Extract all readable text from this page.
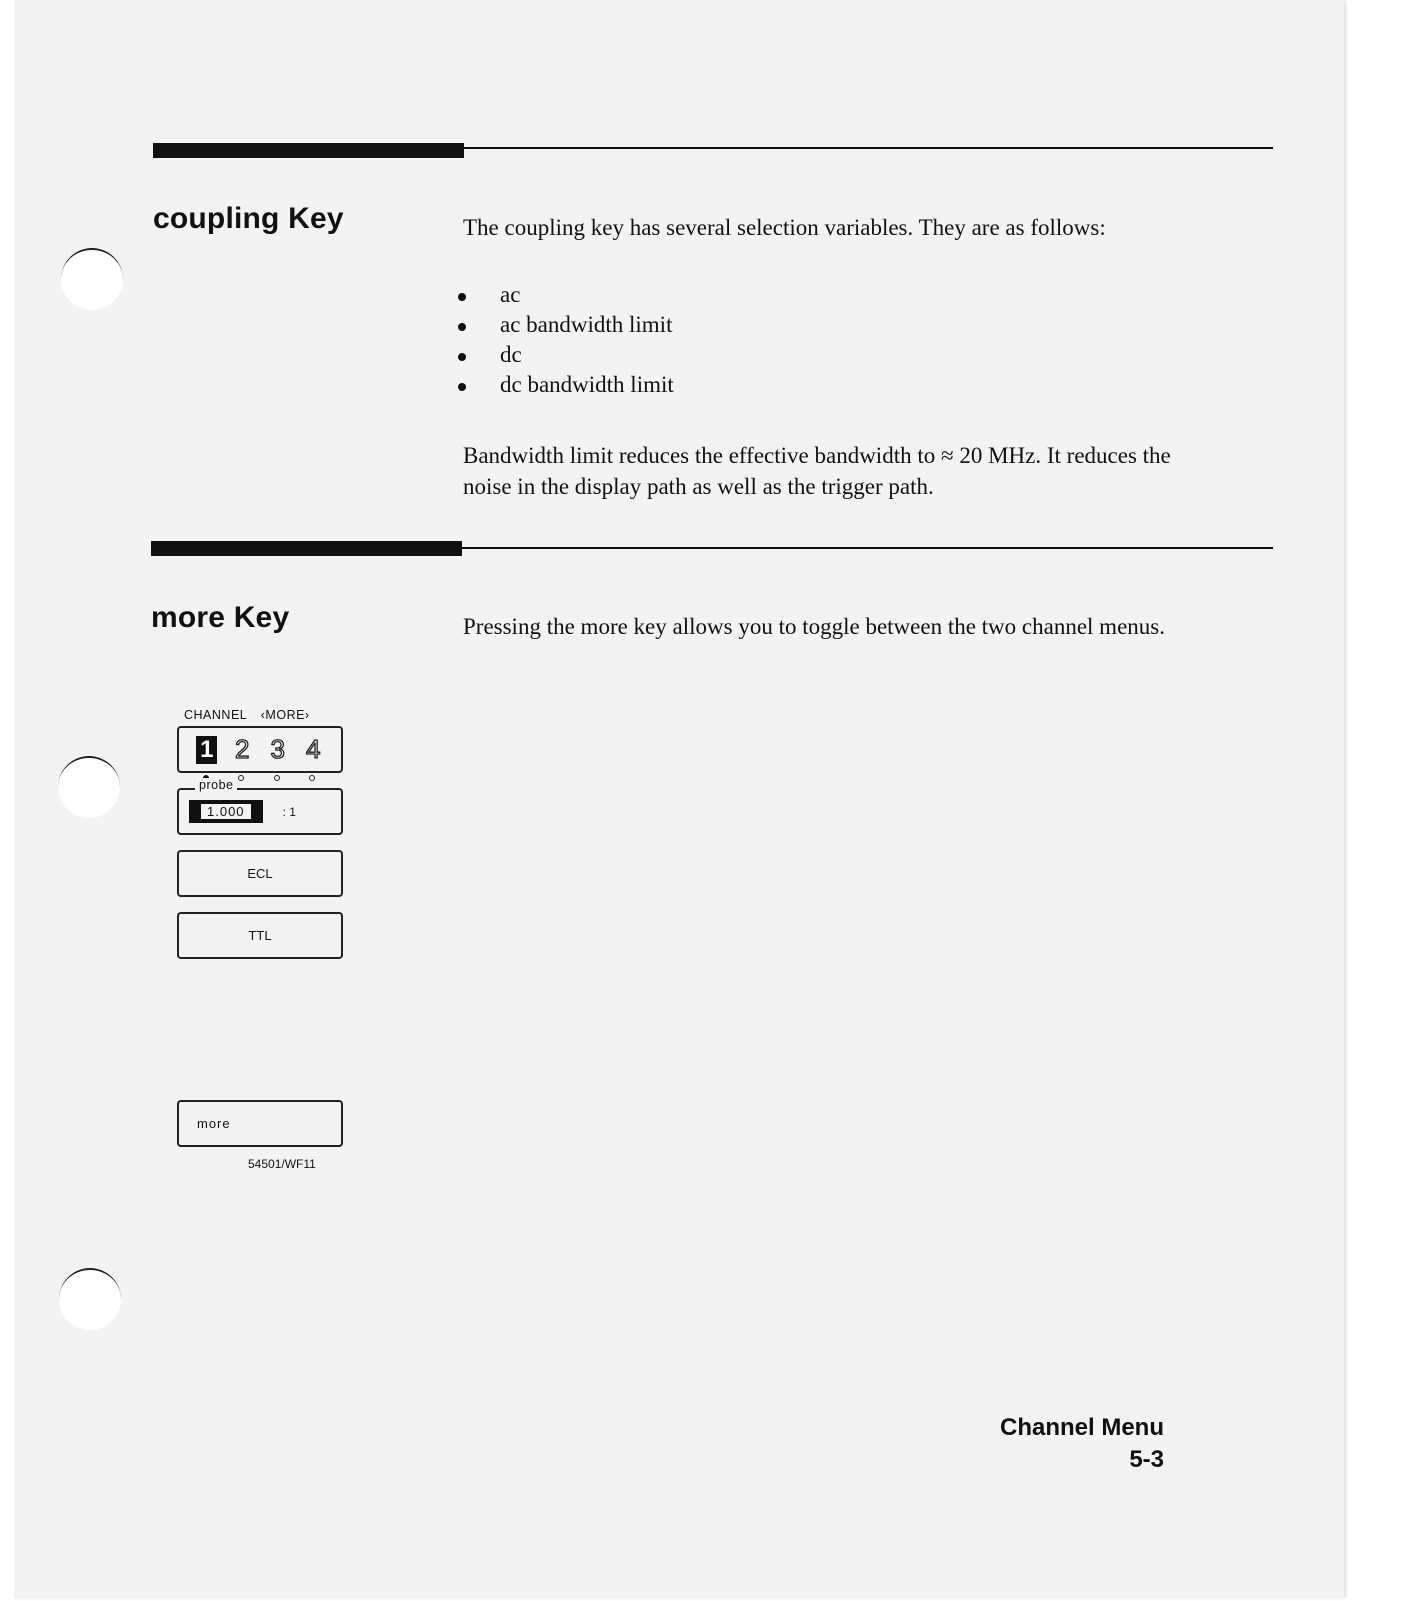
coupling Key	The coupling key has several selection variables. They are as follows:
ac
ac bandwidth limit
dc
dc bandwidth limit
Bandwidth limit reduces the effective bandwidth to ≈ 20 MHz. It reduces the noise in the display path as well as the trigger path.
more Key	Pressing the more key allows you to toggle between the two channel menus.
CHANNEL ‹MORE›
1 2 3 4
probe
1.000	: 1
ECL
TTL
more
54501/WF11
Channel Menu
5-3
